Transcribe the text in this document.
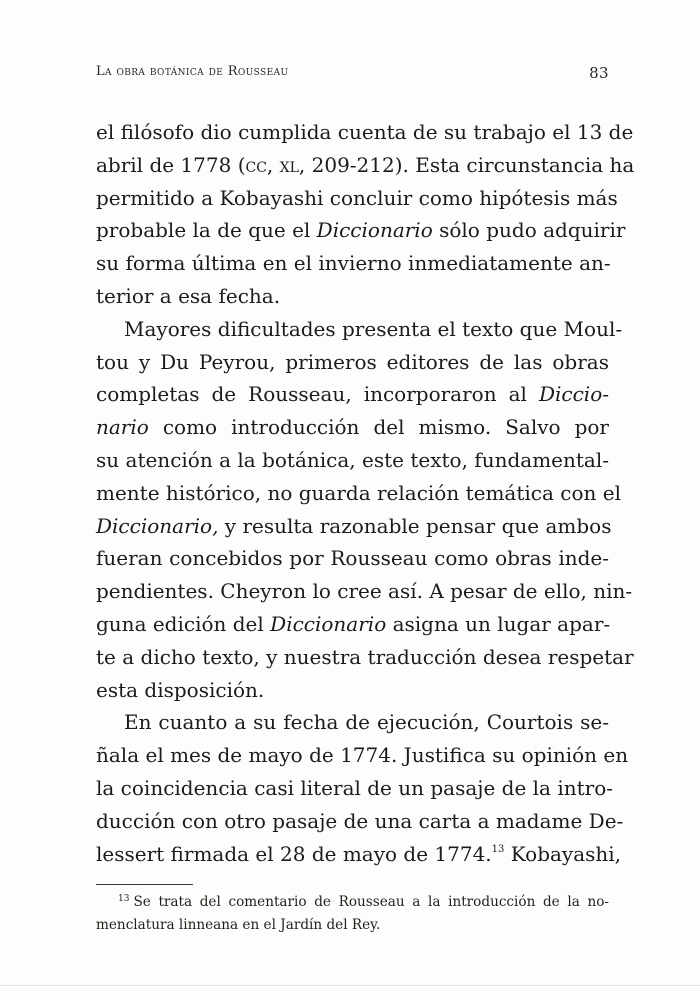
La obra botánica de Rousseau	83
el filósofo dio cumplida cuenta de su trabajo el 13 de
abril de 1778 (cc, xl, 209-212). Esta circunstancia ha
permitido a Kobayashi concluir como hipótesis más
probable la de que el Diccionario sólo pudo adquirir
su forma última en el invierno inmediatamente an-
terior a esa fecha.
Mayores dificultades presenta el texto que Moul-
tou y Du Peyrou, primeros editores de las obras
completas de Rousseau, incorporaron al Diccio-
nario como introducción del mismo. Salvo por
su atención a la botánica, este texto, fundamental-
mente histórico, no guarda relación temática con el
Diccionario, y resulta razonable pensar que ambos
fueran concebidos por Rousseau como obras inde-
pendientes. Cheyron lo cree así. A pesar de ello, nin-
guna edición del Diccionario asigna un lugar apar-
te a dicho texto, y nuestra traducción desea respetar
esta disposición.
En cuanto a su fecha de ejecución, Courtois se-
ñala el mes de mayo de 1774. Justifica su opinión en
la coincidencia casi literal de un pasaje de la intro-
ducción con otro pasaje de una carta a madame De-
lessert firmada el 28 de mayo de 1774.13 Kobayashi,
$^{13}$ Se trata del comentario de Rousseau a la introducción de la no-
menclatura linneana en el Jardín del Rey.
